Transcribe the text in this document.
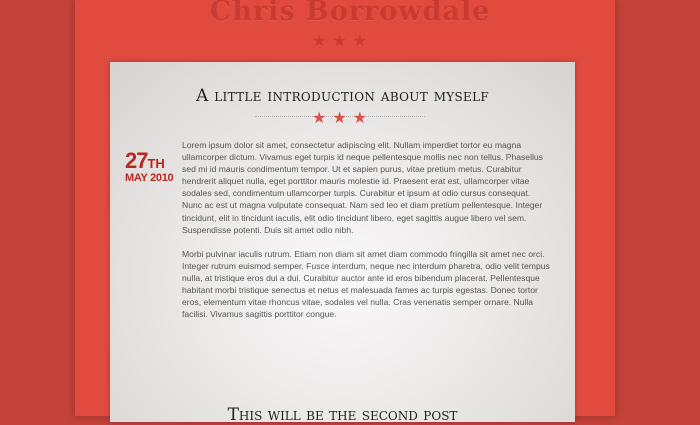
Chris Borrowdale
★★★
A little introduction about myself
★★★
27TH
MAY 2010

Lorem ipsum dolor sit amet, consectetur adipiscing elit. Nullam imperdiet tortor eu magna ullamcorper dictum. Vivamus eget turpis id neque pellentesque mollis nec non tellus. Phasellus sed mi id mauris condimentum tempor. Ut et sapien purus, vitae pretium metus. Curabitur hendrerit aliquet nulla, eget porttitor mauris molestie id. Praesent erat est, ullamcorper vitae sodales sed, condimentum ullamcorper turpis. Curabitur et ipsum at odio cursus consequat. Nunc ac est ut magna vulputate consequat. Nam sed leo et diam pretium pellentesque. Integer tincidunt, elit in tincidunt iaculis, elit odio tincidunt libero, eget sagittis augue libero vel sem. Suspendisse potenti. Duis sit amet odio nibh.

Morbi pulvinar iaculis rutrum. Etiam non diam sit amet diam commodo fringilla sit amet nec orci. Integer rutrum euismod semper. Fusce interdum, neque nec interdum pharetra, odio velit tempus nulla, at tristique eros dui a dui. Curabitur auctor ante id eros bibendum placerat. Pellentesque habitant morbi tristique senectus et netus et malesuada fames ac turpis egestas. Donec tortor eros, elementum vitae rhoncus vitae, sodales vel nulla. Cras venenatis semper ornare. Nulla facilisi. Vivamus sagittis porttitor congue.

This will be the second post
